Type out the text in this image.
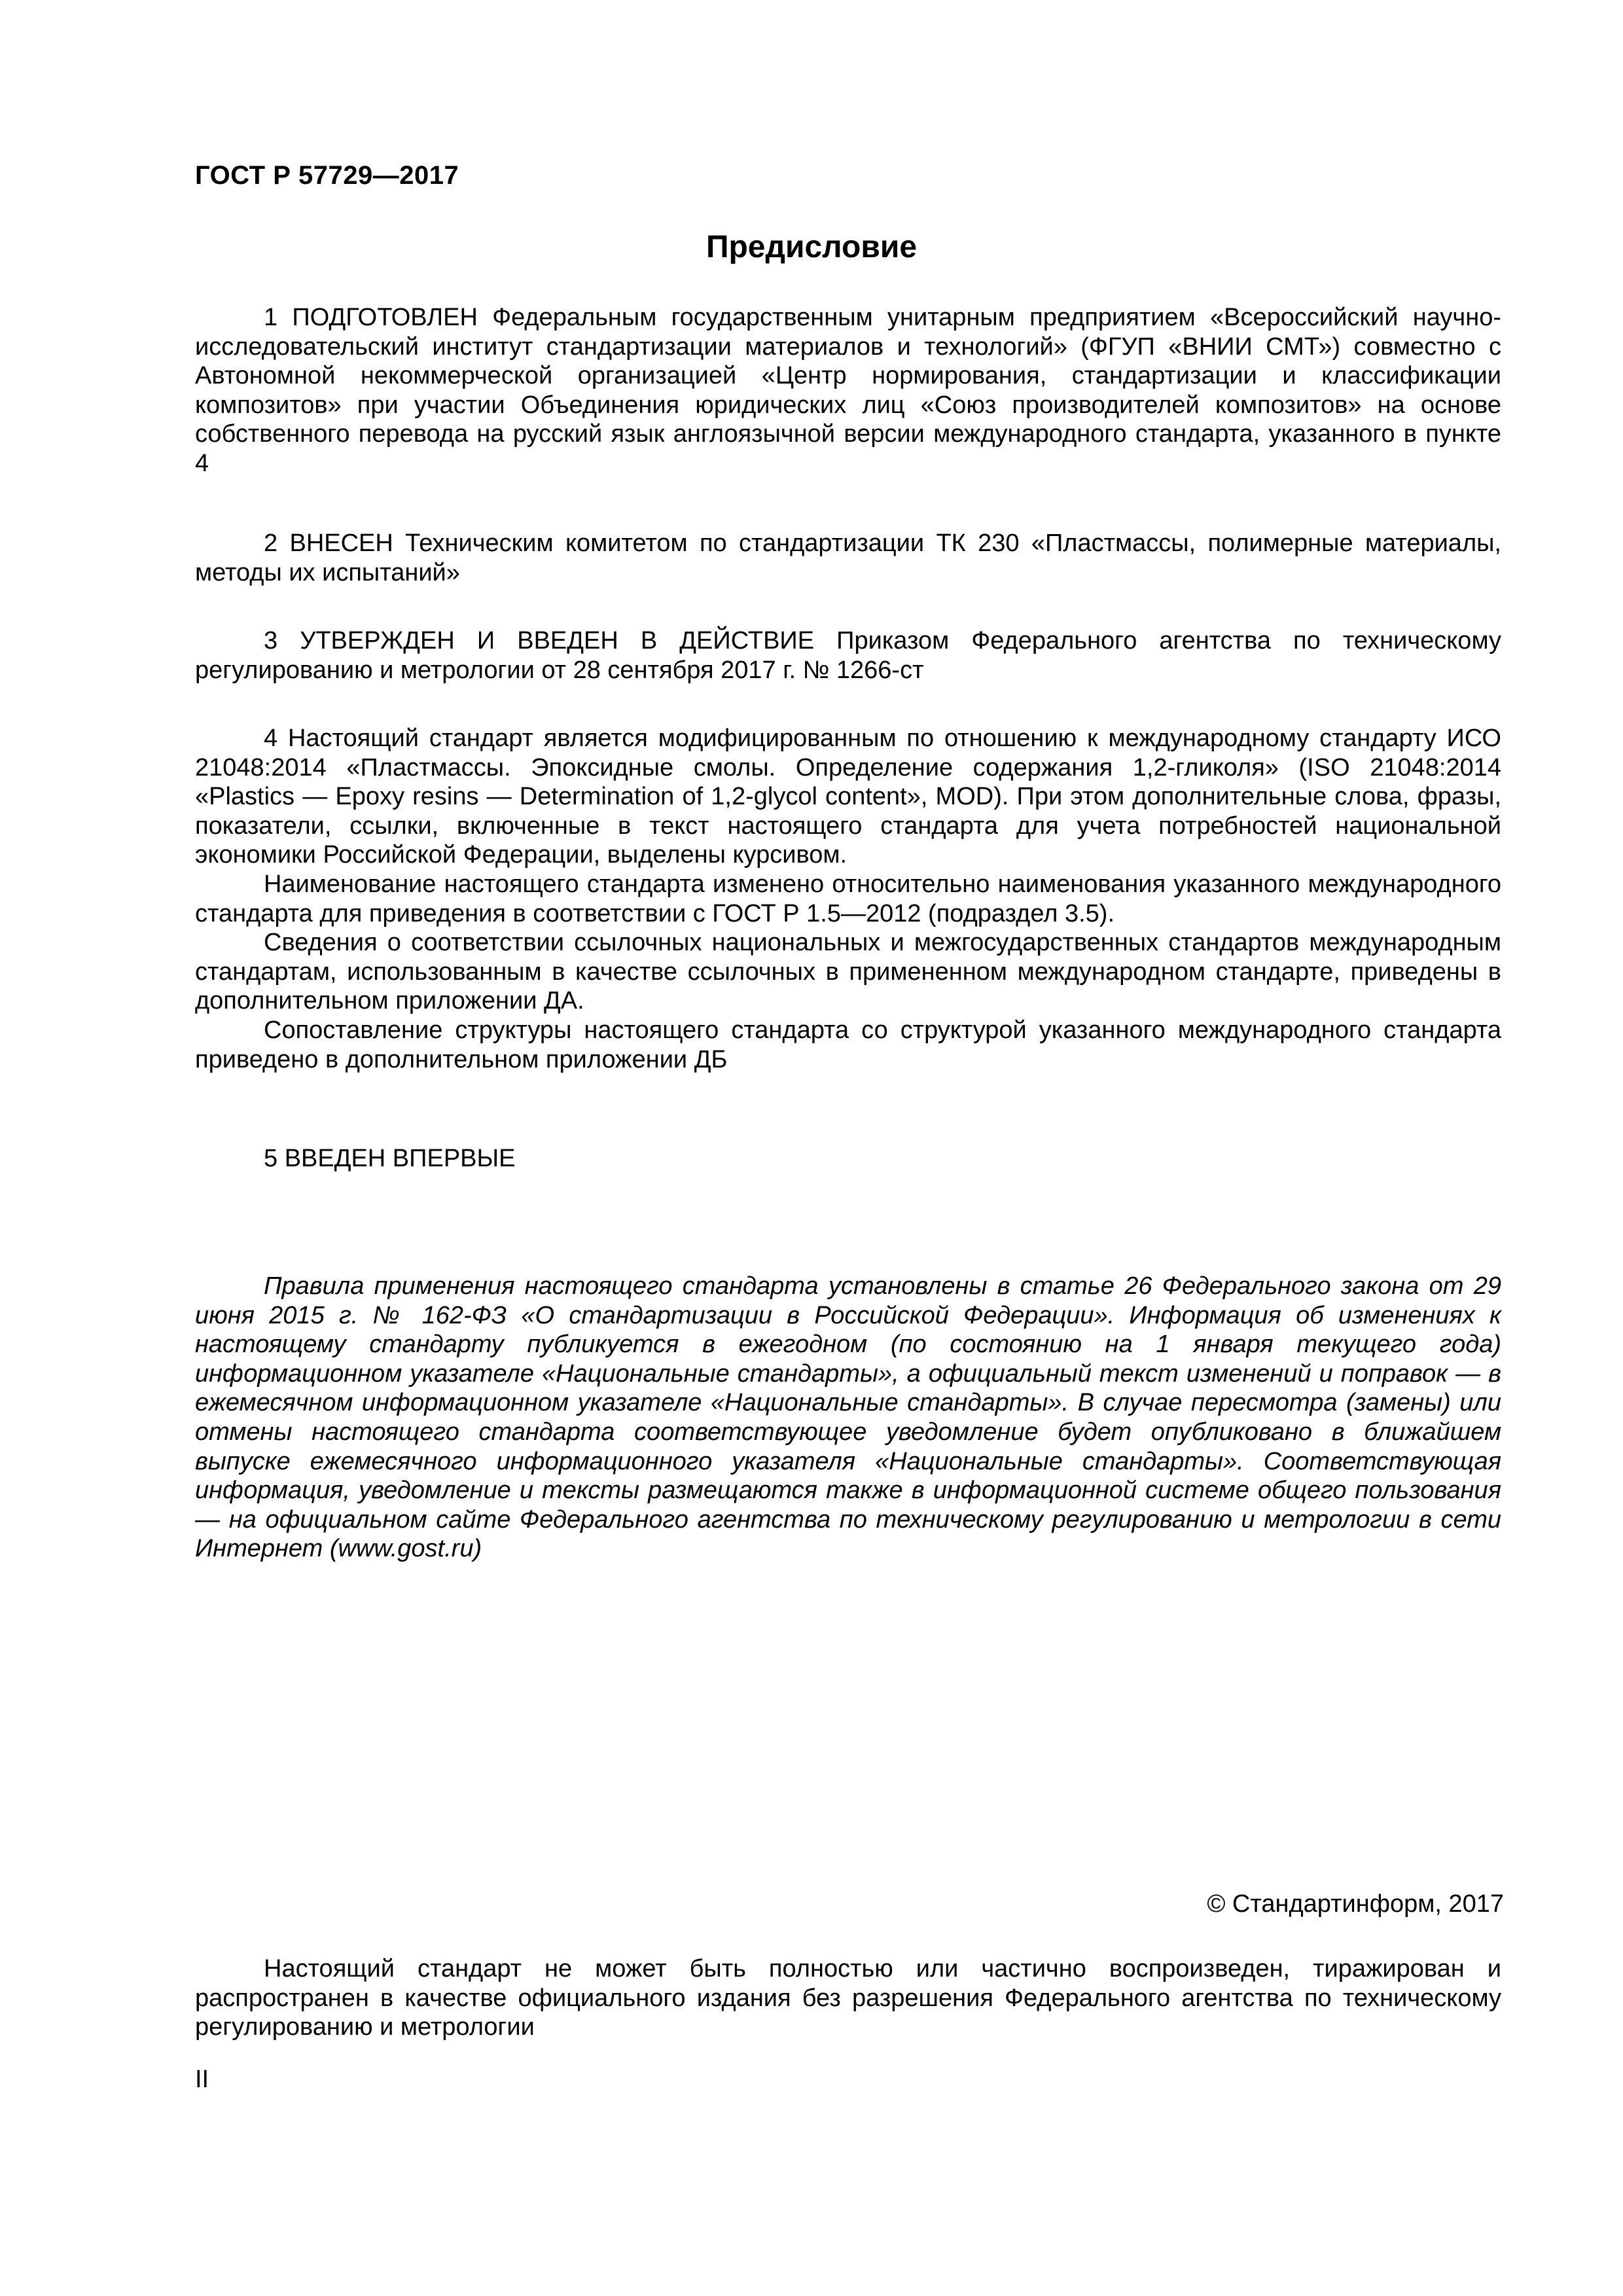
ГОСТ Р 57729—2017
Предисловие

1 ПОДГОТОВЛЕН Федеральным государственным унитарным предприятием «Всероссийский научно-исследовательский институт стандартизации материалов и технологий» (ФГУП «ВНИИ СМТ») совместно с Автономной некоммерческой организацией «Центр нормирования, стандартизации и классификации композитов» при участии Объединения юридических лиц «Союз производителей композитов» на основе собственного перевода на русский язык англоязычной версии международного стандарта, указанного в пункте 4

2 ВНЕСЕН Техническим комитетом по стандартизации ТК 230 «Пластмассы, полимерные материалы, методы их испытаний»

3 УТВЕРЖДЕН И ВВЕДЕН В ДЕЙСТВИЕ Приказом Федерального агентства по техническому регулированию и метрологии от 28 сентября 2017 г. № 1266-ст

4 Настоящий стандарт является модифицированным по отношению к международному стандарту ИСО 21048:2014 «Пластмассы. Эпоксидные смолы. Определение содержания 1,2-гликоля» (ISO 21048:2014 «Plastics — Epoxy resins — Determination of 1,2-glycol content», MOD). При этом дополнительные слова, фразы, показатели, ссылки, включенные в текст настоящего стандарта для учета потребностей национальной экономики Российской Федерации, выделены курсивом.

Наименование настоящего стандарта изменено относительно наименования указанного международного стандарта для приведения в соответствии с ГОСТ Р 1.5—2012 (подраздел 3.5).

Сведения о соответствии ссылочных национальных и межгосударственных стандартов международным стандартам, использованным в качестве ссылочных в примененном международном стандарте, приведены в дополнительном приложении ДА.

Сопоставление структуры настоящего стандарта со структурой указанного международного стандарта приведено в дополнительном приложении ДБ

5 ВВЕДЕН ВПЕРВЫЕ

Правила применения настоящего стандарта установлены в статье 26 Федерального закона от 29 июня 2015 г. № 162-ФЗ «О стандартизации в Российской Федерации». Информация об изменениях к настоящему стандарту публикуется в ежегодном (по состоянию на 1 января текущего года) информационном указателе «Национальные стандарты», а официальный текст изменений и поправок — в ежемесячном информационном указателе «Национальные стандарты». В случае пересмотра (замены) или отмены настоящего стандарта соответствующее уведомление будет опубликовано в ближайшем выпуске ежемесячного информационного указателя «Национальные стандарты». Соответствующая информация, уведомление и тексты размещаются также в информационной системе общего пользования — на официальном сайте Федерального агентства по техническому регулированию и метрологии в сети Интернет (www.gost.ru)

© Стандартинформ, 2017

Настоящий стандарт не может быть полностью или частично воспроизведен, тиражирован и распространен в качестве официального издания без разрешения Федерального агентства по техническому регулированию и метрологии

II
